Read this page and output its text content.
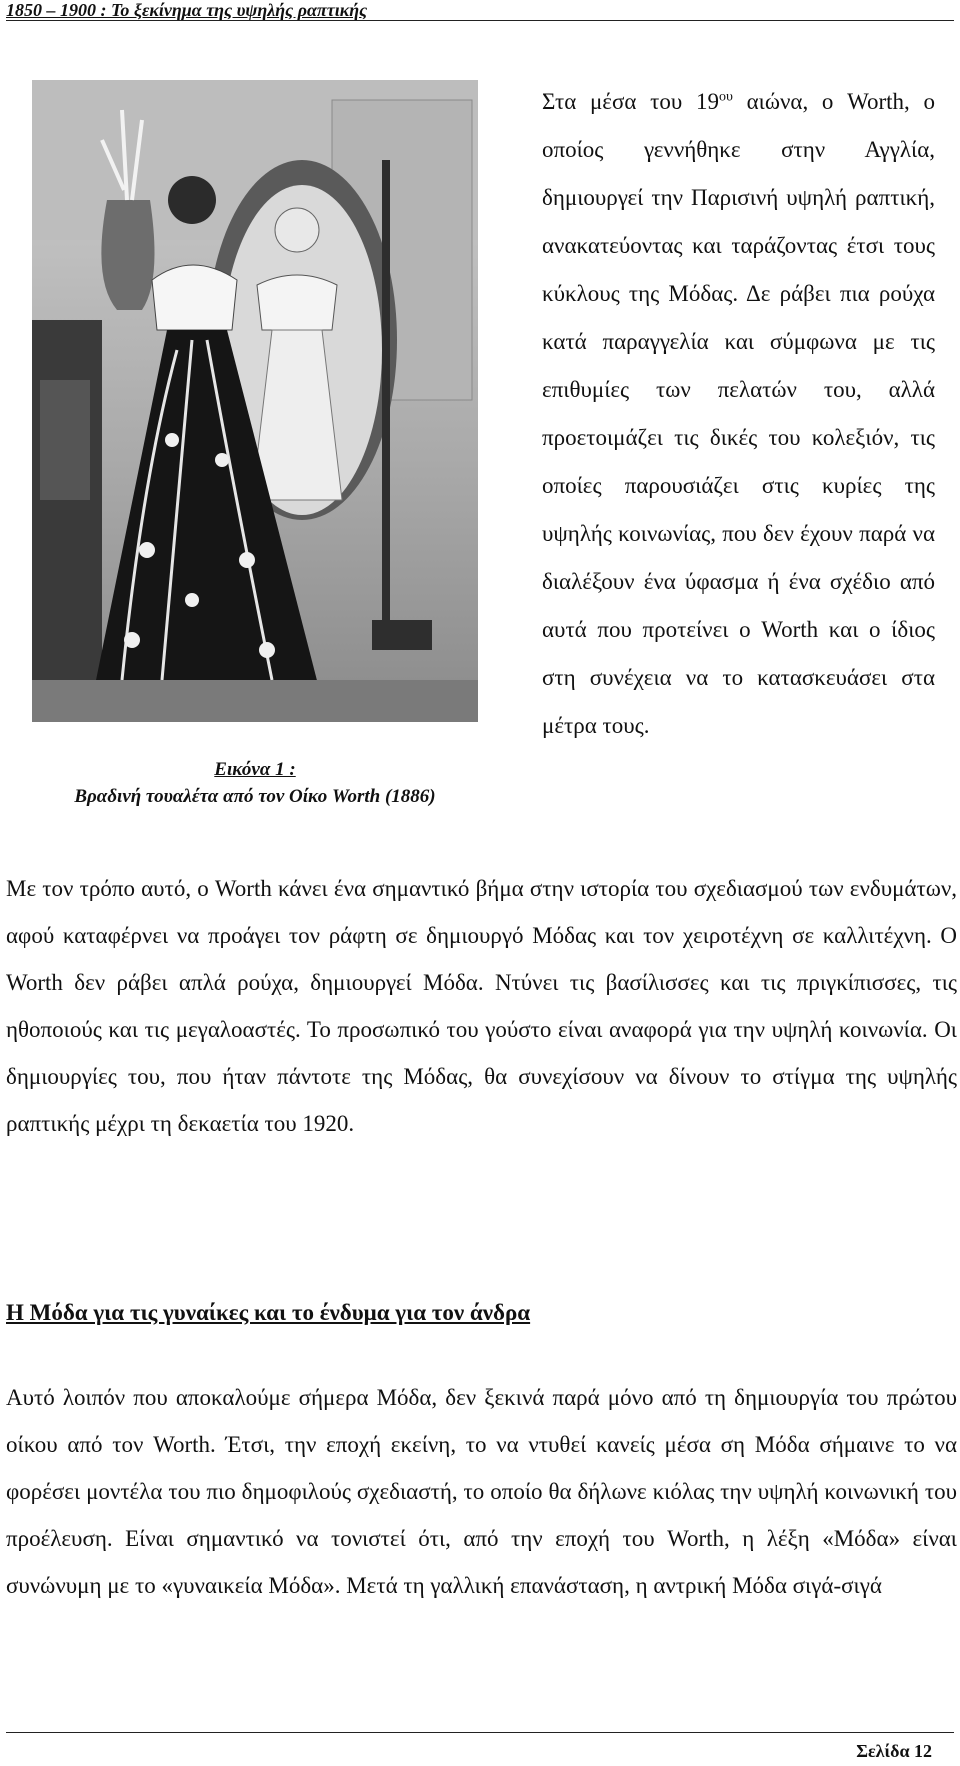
1850 – 1900 : Το ξεκίνημα της υψηλής ραπτικής
Εικόνα 1 :
Βραδινή τουαλέτα από τον Οίκο Worth (1886)
Στα μέσα του $19^{o\upsilon}$ αιώνα, ο Worth, ο οποίος γεννήθηκε στην Αγγλία, δημιουργεί την Παρισινή υψηλή ραπτική, ανακατεύοντας και ταράζοντας έτσι τους κύκλους της Μόδας. Δε ράβει πια ρούχα κατά παραγγελία και σύμφωνα με τις επιθυμίες των πελατών του, αλλά προετοιμάζει τις δικές του κολεξιόν, τις οποίες παρουσιάζει στις κυρίες της υψηλής κοινωνίας, που δεν έχουν παρά να διαλέξουν ένα ύφασμα ή ένα σχέδιο από αυτά που προτείνει ο Worth και ο ίδιος στη συνέχεια να το κατασκευάσει στα μέτρα τους.
Με τον τρόπο αυτό, ο Worth κάνει ένα σημαντικό βήμα στην ιστορία του σχεδιασμού των ενδυμάτων, αφού καταφέρνει να προάγει τον ράφτη σε δημιουργό Μόδας και τον χειροτέχνη σε καλλιτέχνη. Ο Worth δεν ράβει απλά ρούχα, δημιουργεί Μόδα. Ντύνει τις βασίλισσες και τις πριγκίπισσες, τις ηθοποιούς και τις μεγαλοαστές. Το προσωπικό του γούστο είναι αναφορά για την υψηλή κοινωνία. Οι δημιουργίες του, που ήταν πάντοτε της Μόδας, θα συνεχίσουν να δίνουν το στίγμα της υψηλής ραπτικής μέχρι τη δεκαετία του 1920.
Η Μόδα για τις γυναίκες και το ένδυμα για τον άνδρα
Αυτό λοιπόν που αποκαλούμε σήμερα Μόδα, δεν ξεκινά παρά μόνο από τη δημιουργία του πρώτου οίκου από τον Worth. Έτσι, την εποχή εκείνη, το να ντυθεί κανείς μέσα ση Μόδα σήμαινε το να φορέσει μοντέλα του πιο δημοφιλούς σχεδιαστή, το οποίο θα δήλωνε κιόλας την υψηλή κοινωνική του προέλευση. Είναι σημαντικό να τονιστεί ότι, από την εποχή του Worth, η λέξη «Μόδα» είναι συνώνυμη με το «γυναικεία Μόδα». Μετά τη γαλλική επανάσταση, η αντρική Μόδα σιγά-σιγά
Σελίδα 12
